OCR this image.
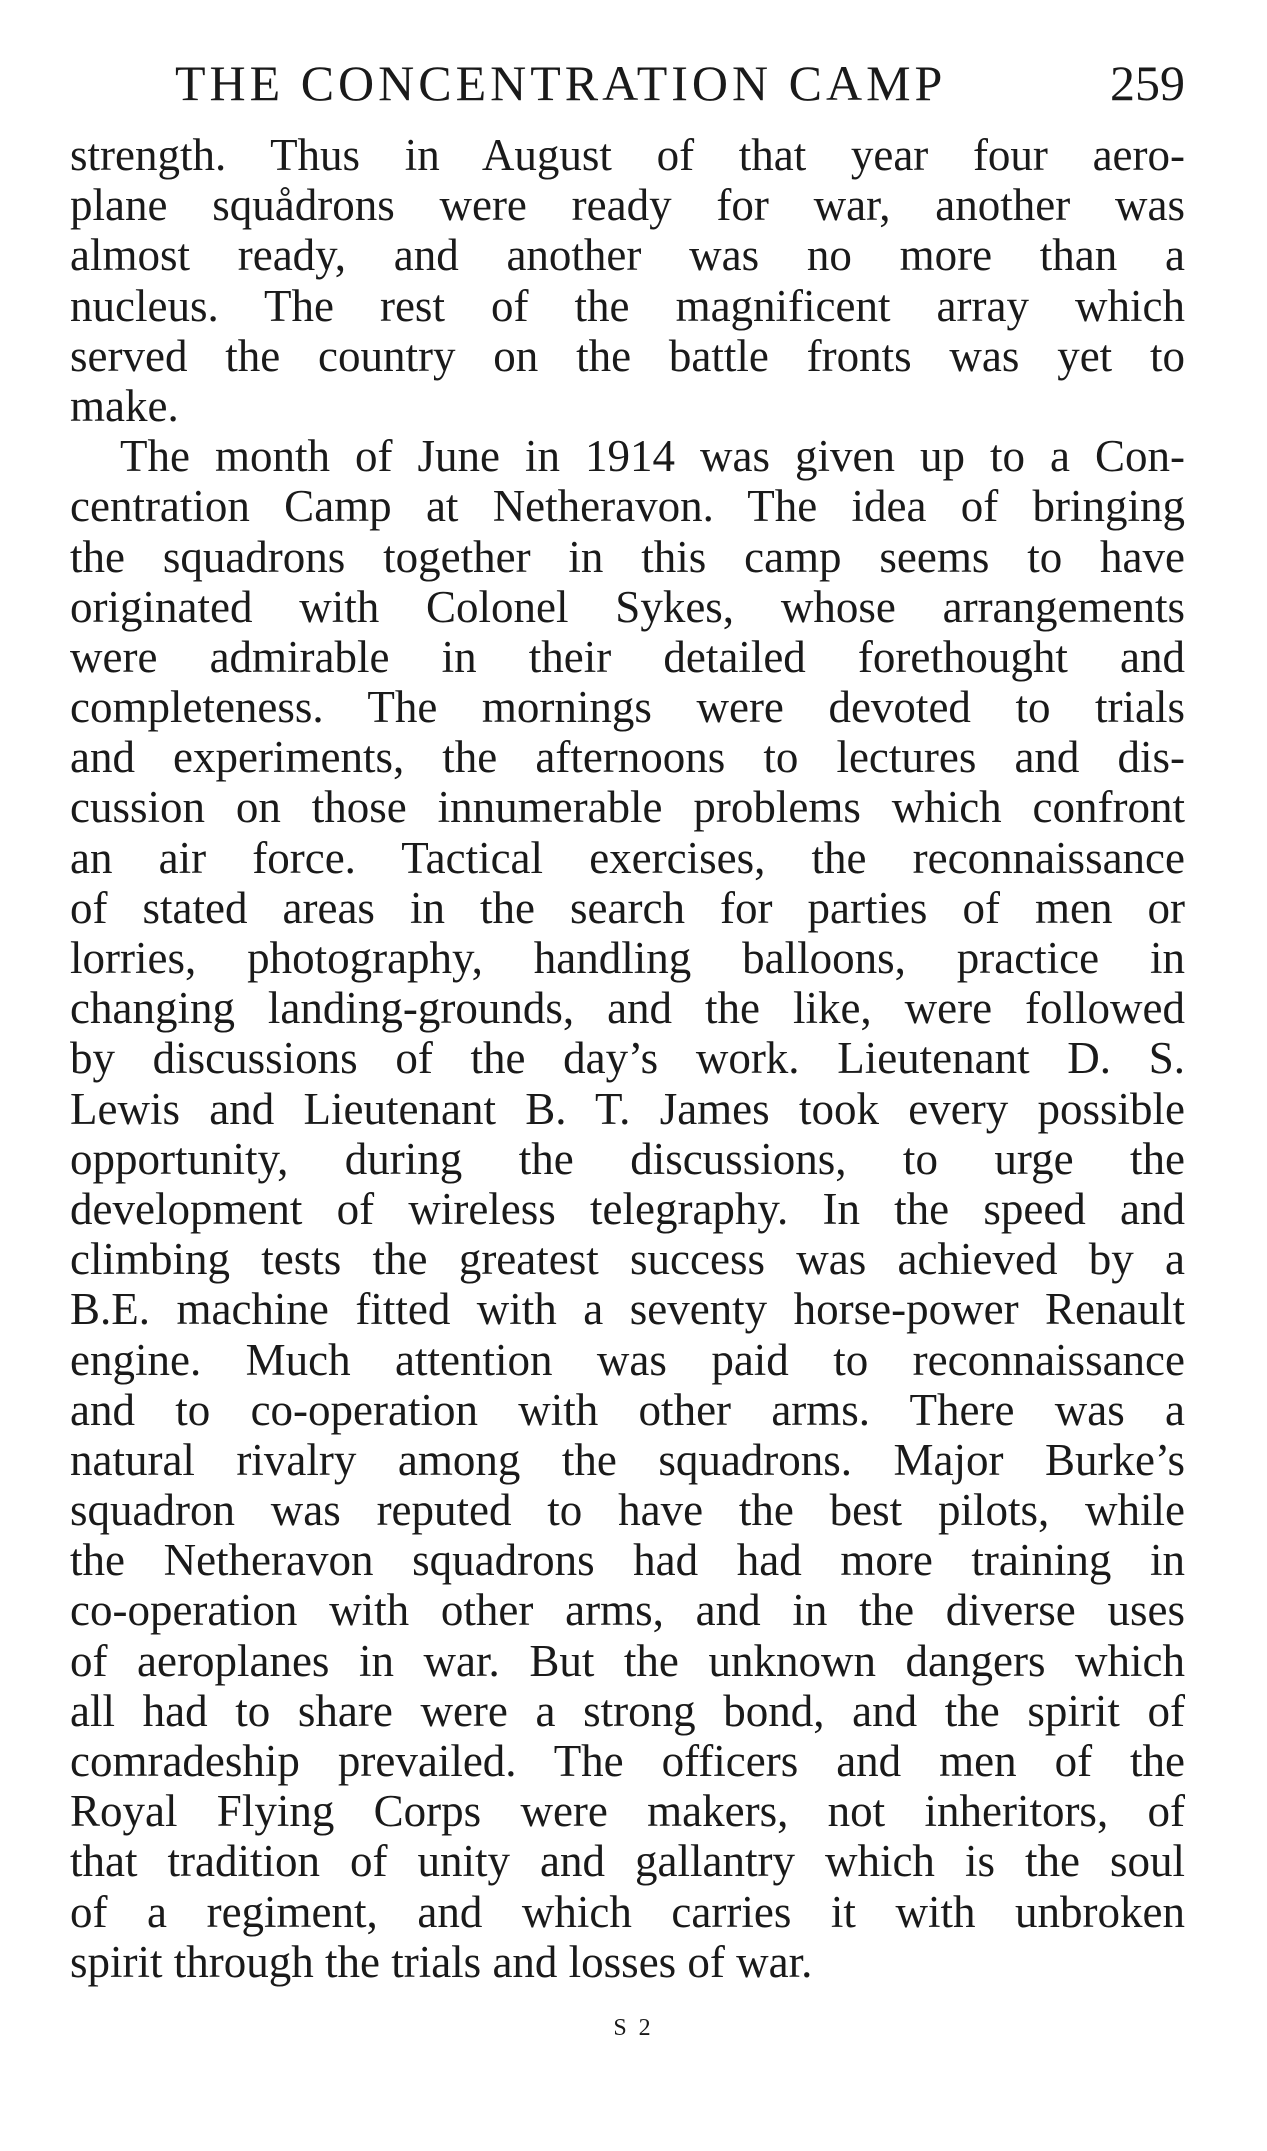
THE CONCENTRATION CAMP	259
strength. Thus in August of that year four aero-
plane squådrons were ready for war, another was
almost ready, and another was no more than a
nucleus. The rest of the magnificent array which
served the country on the battle fronts was yet to
make.
The month of June in 1914 was given up to a Con-
centration Camp at Netheravon. The idea of bringing
the squadrons together in this camp seems to have
originated with Colonel Sykes, whose arrangements
were admirable in their detailed forethought and
completeness. The mornings were devoted to trials
and experiments, the afternoons to lectures and dis-
cussion on those innumerable problems which confront
an air force. Tactical exercises, the reconnaissance
of stated areas in the search for parties of men or
lorries, photography, handling balloons, practice in
changing landing-grounds, and the like, were followed
by discussions of the day’s work. Lieutenant D. S.
Lewis and Lieutenant B. T. James took every possible
opportunity, during the discussions, to urge the
development of wireless telegraphy. In the speed and
climbing tests the greatest success was achieved by a
B.E. machine fitted with a seventy horse-power Renault
engine. Much attention was paid to reconnaissance
and to co-operation with other arms. There was a
natural rivalry among the squadrons. Major Burke’s
squadron was reputed to have the best pilots, while
the Netheravon squadrons had had more training in
co-operation with other arms, and in the diverse uses
of aeroplanes in war. But the unknown dangers which
all had to share were a strong bond, and the spirit of
comradeship prevailed. The officers and men of the
Royal Flying Corps were makers, not inheritors, of
that tradition of unity and gallantry which is the soul
of a regiment, and which carries it with unbroken
spirit through the trials and losses of war.
S 2
